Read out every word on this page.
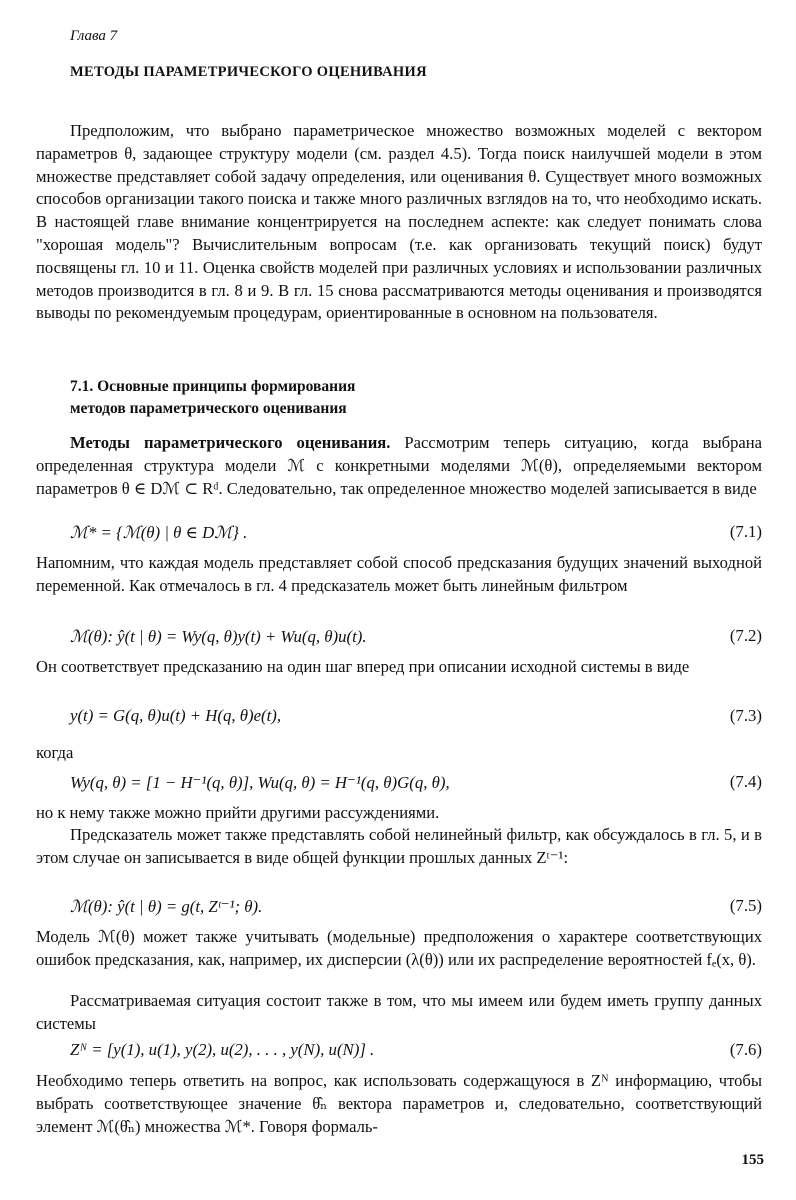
Глава 7
МЕТОДЫ ПАРАМЕТРИЧЕСКОГО ОЦЕНИВАНИЯ

Предположим, что выбрано параметрическое множество возможных моделей с вектором параметров θ, задающее структуру модели (см. раздел 4.5). Тогда поиск наилучшей модели в этом множестве представляет собой задачу определения, или оценивания θ. Существует много возможных способов организации такого поиска и также много различных взглядов на то, что необходимо искать. В настоящей главе внимание концентрируется на последнем аспекте: как следует понимать слова "хорошая модель"? Вычислительным вопросам (т.е. как организовать текущий поиск) будут посвящены гл. 10 и 11. Оценка свойств моделей при различных условиях и использовании различных методов производится в гл. 8 и 9. В гл. 15 снова рассматриваются методы оценивания и производятся выводы по рекомендуемым процедурам, ориентированные в основном на пользователя.

7.1. Основные принципы формирования
методов параметрического оценивания

Методы параметрического оценивания. Рассмотрим теперь ситуацию, когда выбрана определенная структура модели ℳ с конкретными моделями ℳ(θ), определяемыми вектором параметров θ ∈ Dℳ ⊂ Rᵈ. Следовательно, так определенное множество моделей записывается в виде

ℳ* = {ℳ(θ) | θ ∈ Dℳ} .	(7.1)

Напомним, что каждая модель представляет собой способ предсказания будущих значений выходной переменной. Как отмечалось в гл. 4 предсказатель может быть линейным фильтром

ℳ(θ): ŷ(t | θ) = Wy(q, θ)y(t) + Wu(q, θ)u(t).	(7.2)

Он соответствует предсказанию на один шаг вперед при описании исходной системы в виде

y(t) = G(q, θ)u(t) + H(q, θ)e(t),	(7.3)

когда

Wy(q, θ) = [1 − H⁻¹(q, θ)], Wu(q, θ) = H⁻¹(q, θ)G(q, θ),	(7.4)

но к нему также можно прийти другими рассуждениями.

Предсказатель может также представлять собой нелинейный фильтр, как обсуждалось в гл. 5, и в этом случае он записывается в виде общей функции прошлых данных Zᵗ⁻¹:

ℳ(θ): ŷ(t | θ) = g(t, Zᵗ⁻¹; θ).	(7.5)

Модель ℳ(θ) может также учитывать (модельные) предположения о характере соответствующих ошибок предсказания, как, например, их дисперсии (λ(θ)) или их распределение вероятностей fₑ(x, θ).

Рассматриваемая ситуация состоит также в том, что мы имеем или будем иметь группу данных системы

Zᴺ = [y(1), u(1), y(2), u(2), . . . , y(N), u(N)] .	(7.6)

Необходимо теперь ответить на вопрос, как использовать содержащуюся в Zᴺ информацию, чтобы выбрать соответствующее значение θ̂ₙ вектора параметров и, следовательно, соответствующий элемент ℳ(θ̂ₙ) множества ℳ*. Говоря формаль-

155
